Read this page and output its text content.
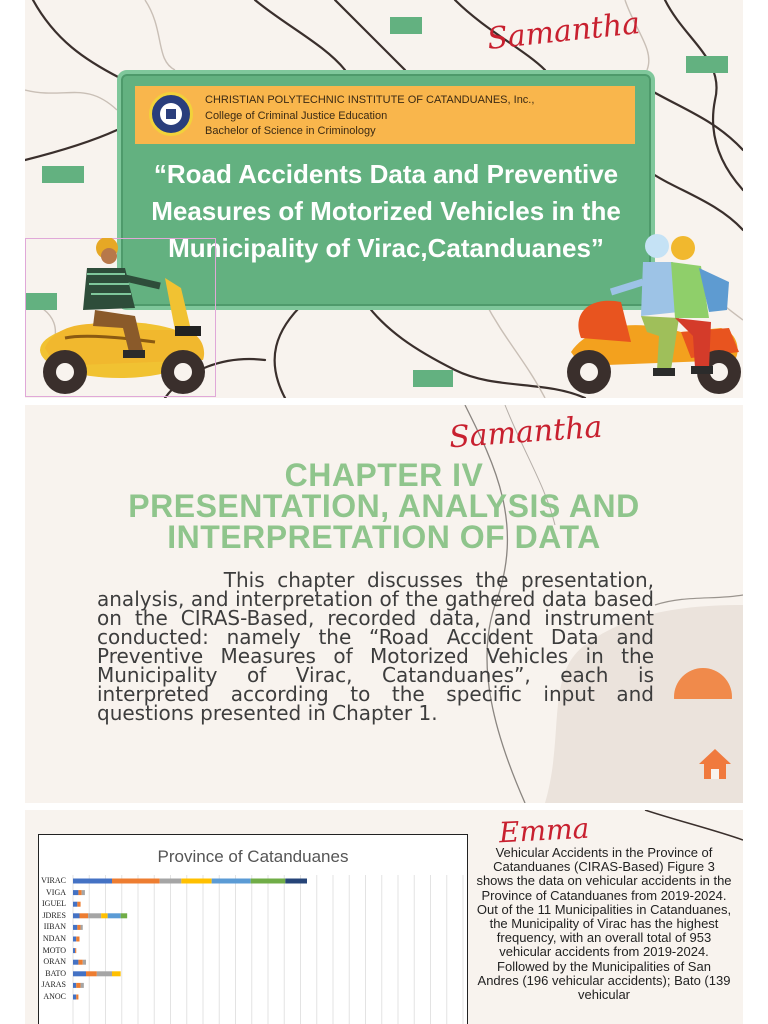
Samantha
CHRISTIAN POLYTECHNIC INSTITUTE OF CATANDUANES, Inc.,
College of Criminal Justice Education
Bachelor of Science in Criminology
“Road Accidents Data and Preventive Measures of Motorized Vehicles in the Municipality of Virac,Catanduanes”
Samantha
CHAPTER IV
PRESENTATION, ANALYSIS AND
INTERPRETATION OF DATA
This chapter discusses the presentation, analysis, and interpretation of the gathered data based on the CIRAS-Based, recorded data, and instrument conducted: namely the “Road Accident Data and Preventive Measures of Motorized Vehicles in the Municipality of Virac, Catanduanes”, each is interpreted according to the specific input and questions presented in Chapter 1.
Emma
Province of Catanduanes
VIRAC
VIGA
IGUEL
JDRES
IIBAN
NDAN
MOTO
ORAN
BATO
JARAS
ANOC
Vehicular Accidents in the Province of Catanduanes (CIRAS-Based) Figure 3 shows the data on vehicular accidents in the Province of Catanduanes from 2019-2024. Out of the 11 Municipalities in Catanduanes, the Municipality of Virac has the highest frequency, with an overall total of 953 vehicular accidents from 2019-2024. Followed by the Municipalities of San Andres (196 vehicular accidents); Bato (139 vehicular
